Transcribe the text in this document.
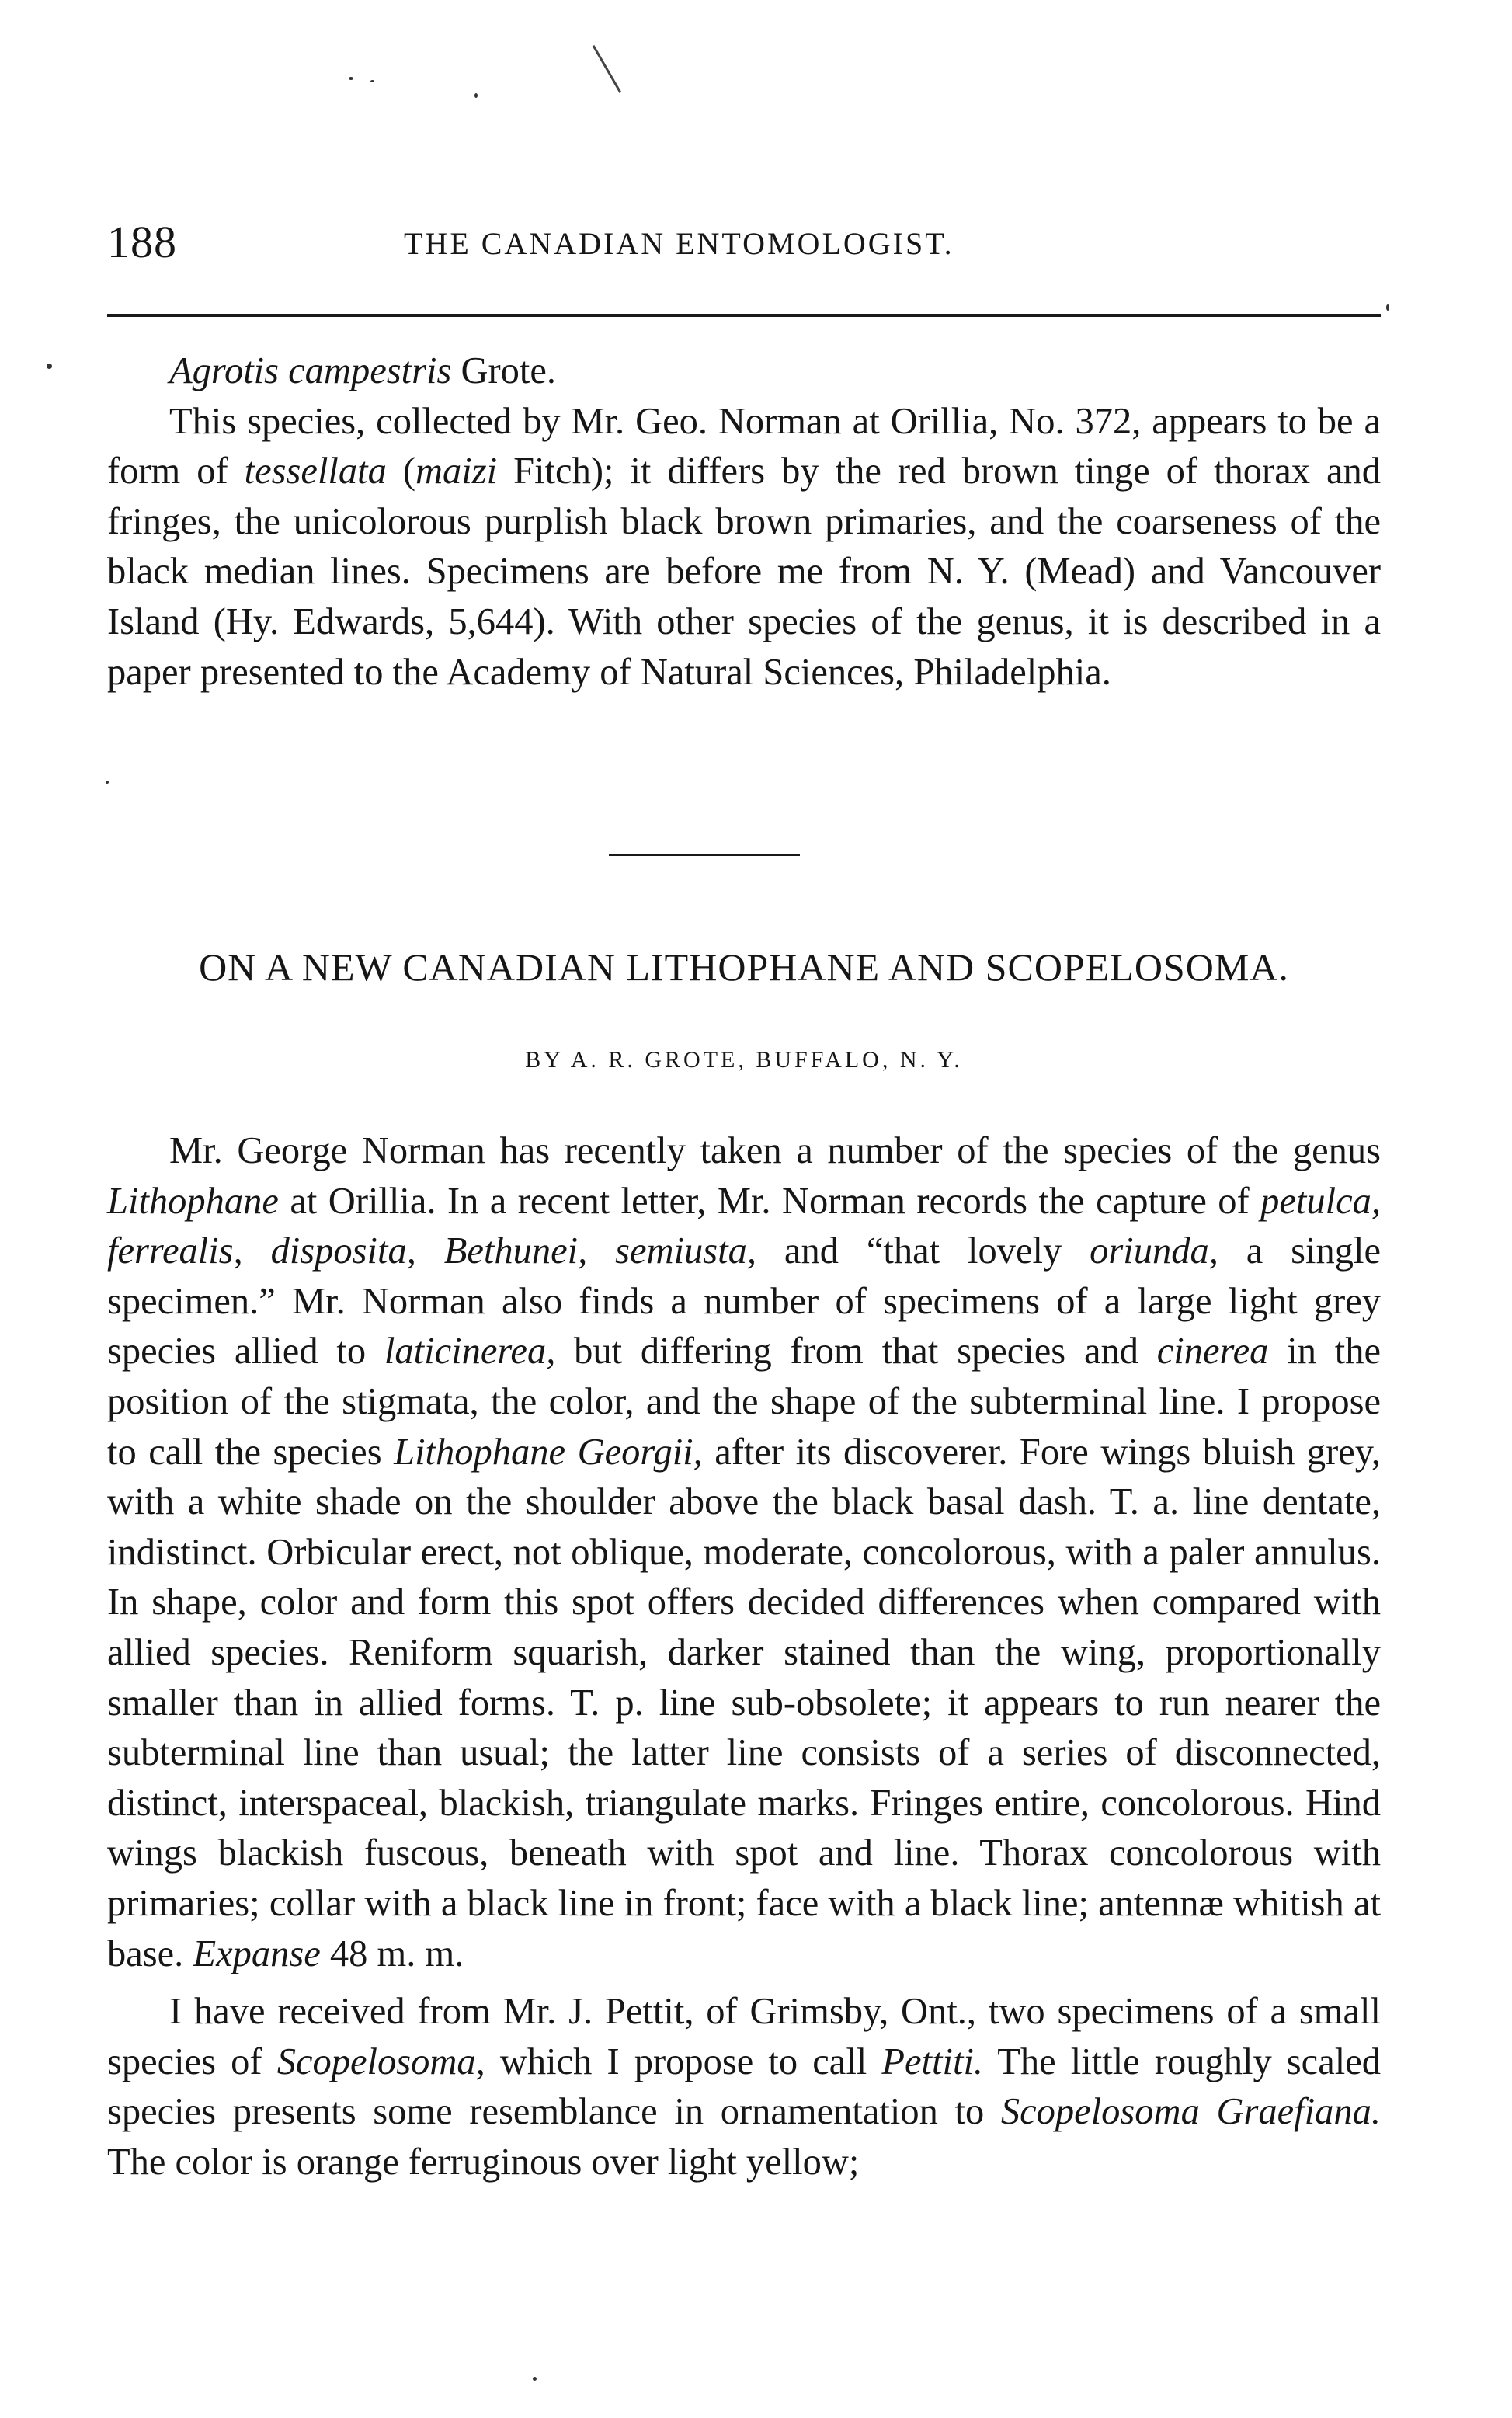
188	THE CANADIAN ENTOMOLOGIST.

Agrotis campestris Grote.

This species, collected by Mr. Geo. Norman at Orillia, No. 372, appears to be a form of tessellata (maizi Fitch); it differs by the red brown tinge of thorax and fringes, the unicolorous purplish black brown primaries, and the coarseness of the black median lines. Specimens are before me from N. Y. (Mead) and Vancouver Island (Hy. Edwards, 5,644). With other species of the genus, it is described in a paper presented to the Academy of Natural Sciences, Philadelphia.

ON A NEW CANADIAN LITHOPHANE AND SCOPELOSOMA.
BY A. R. GROTE, BUFFALO, N. Y.

Mr. George Norman has recently taken a number of the species of the genus Lithophane at Orillia. In a recent letter, Mr. Norman records the capture of petulca, ferrealis, disposita, Bethunei, semiusta, and “that lovely oriunda, a single specimen.” Mr. Norman also finds a number of specimens of a large light grey species allied to laticinerea, but differing from that species and cinerea in the position of the stigmata, the color, and the shape of the subterminal line. I propose to call the species Lithophane Georgii, after its discoverer. Fore wings bluish grey, with a white shade on the shoulder above the black basal dash. T. a. line dentate, indistinct. Orbicular erect, not oblique, moderate, concolorous, with a paler annulus. In shape, color and form this spot offers decided differences when compared with allied species. Reniform squarish, darker stained than the wing, proportionally smaller than in allied forms. T. p. line sub-obsolete; it appears to run nearer the subterminal line than usual; the latter line consists of a series of disconnected, distinct, interspaceal, blackish, triangulate marks. Fringes entire, concolorous. Hind wings blackish fuscous, beneath with spot and line. Thorax concolorous with primaries; collar with a black line in front; face with a black line; antennæ whitish at base. Expanse 48 m. m.

I have received from Mr. J. Pettit, of Grimsby, Ont., two specimens of a small species of Scopelosoma, which I propose to call Pettiti. The little roughly scaled species presents some resemblance in ornamentation to Scopelosoma Graefiana. The color is orange ferruginous over light yellow;
